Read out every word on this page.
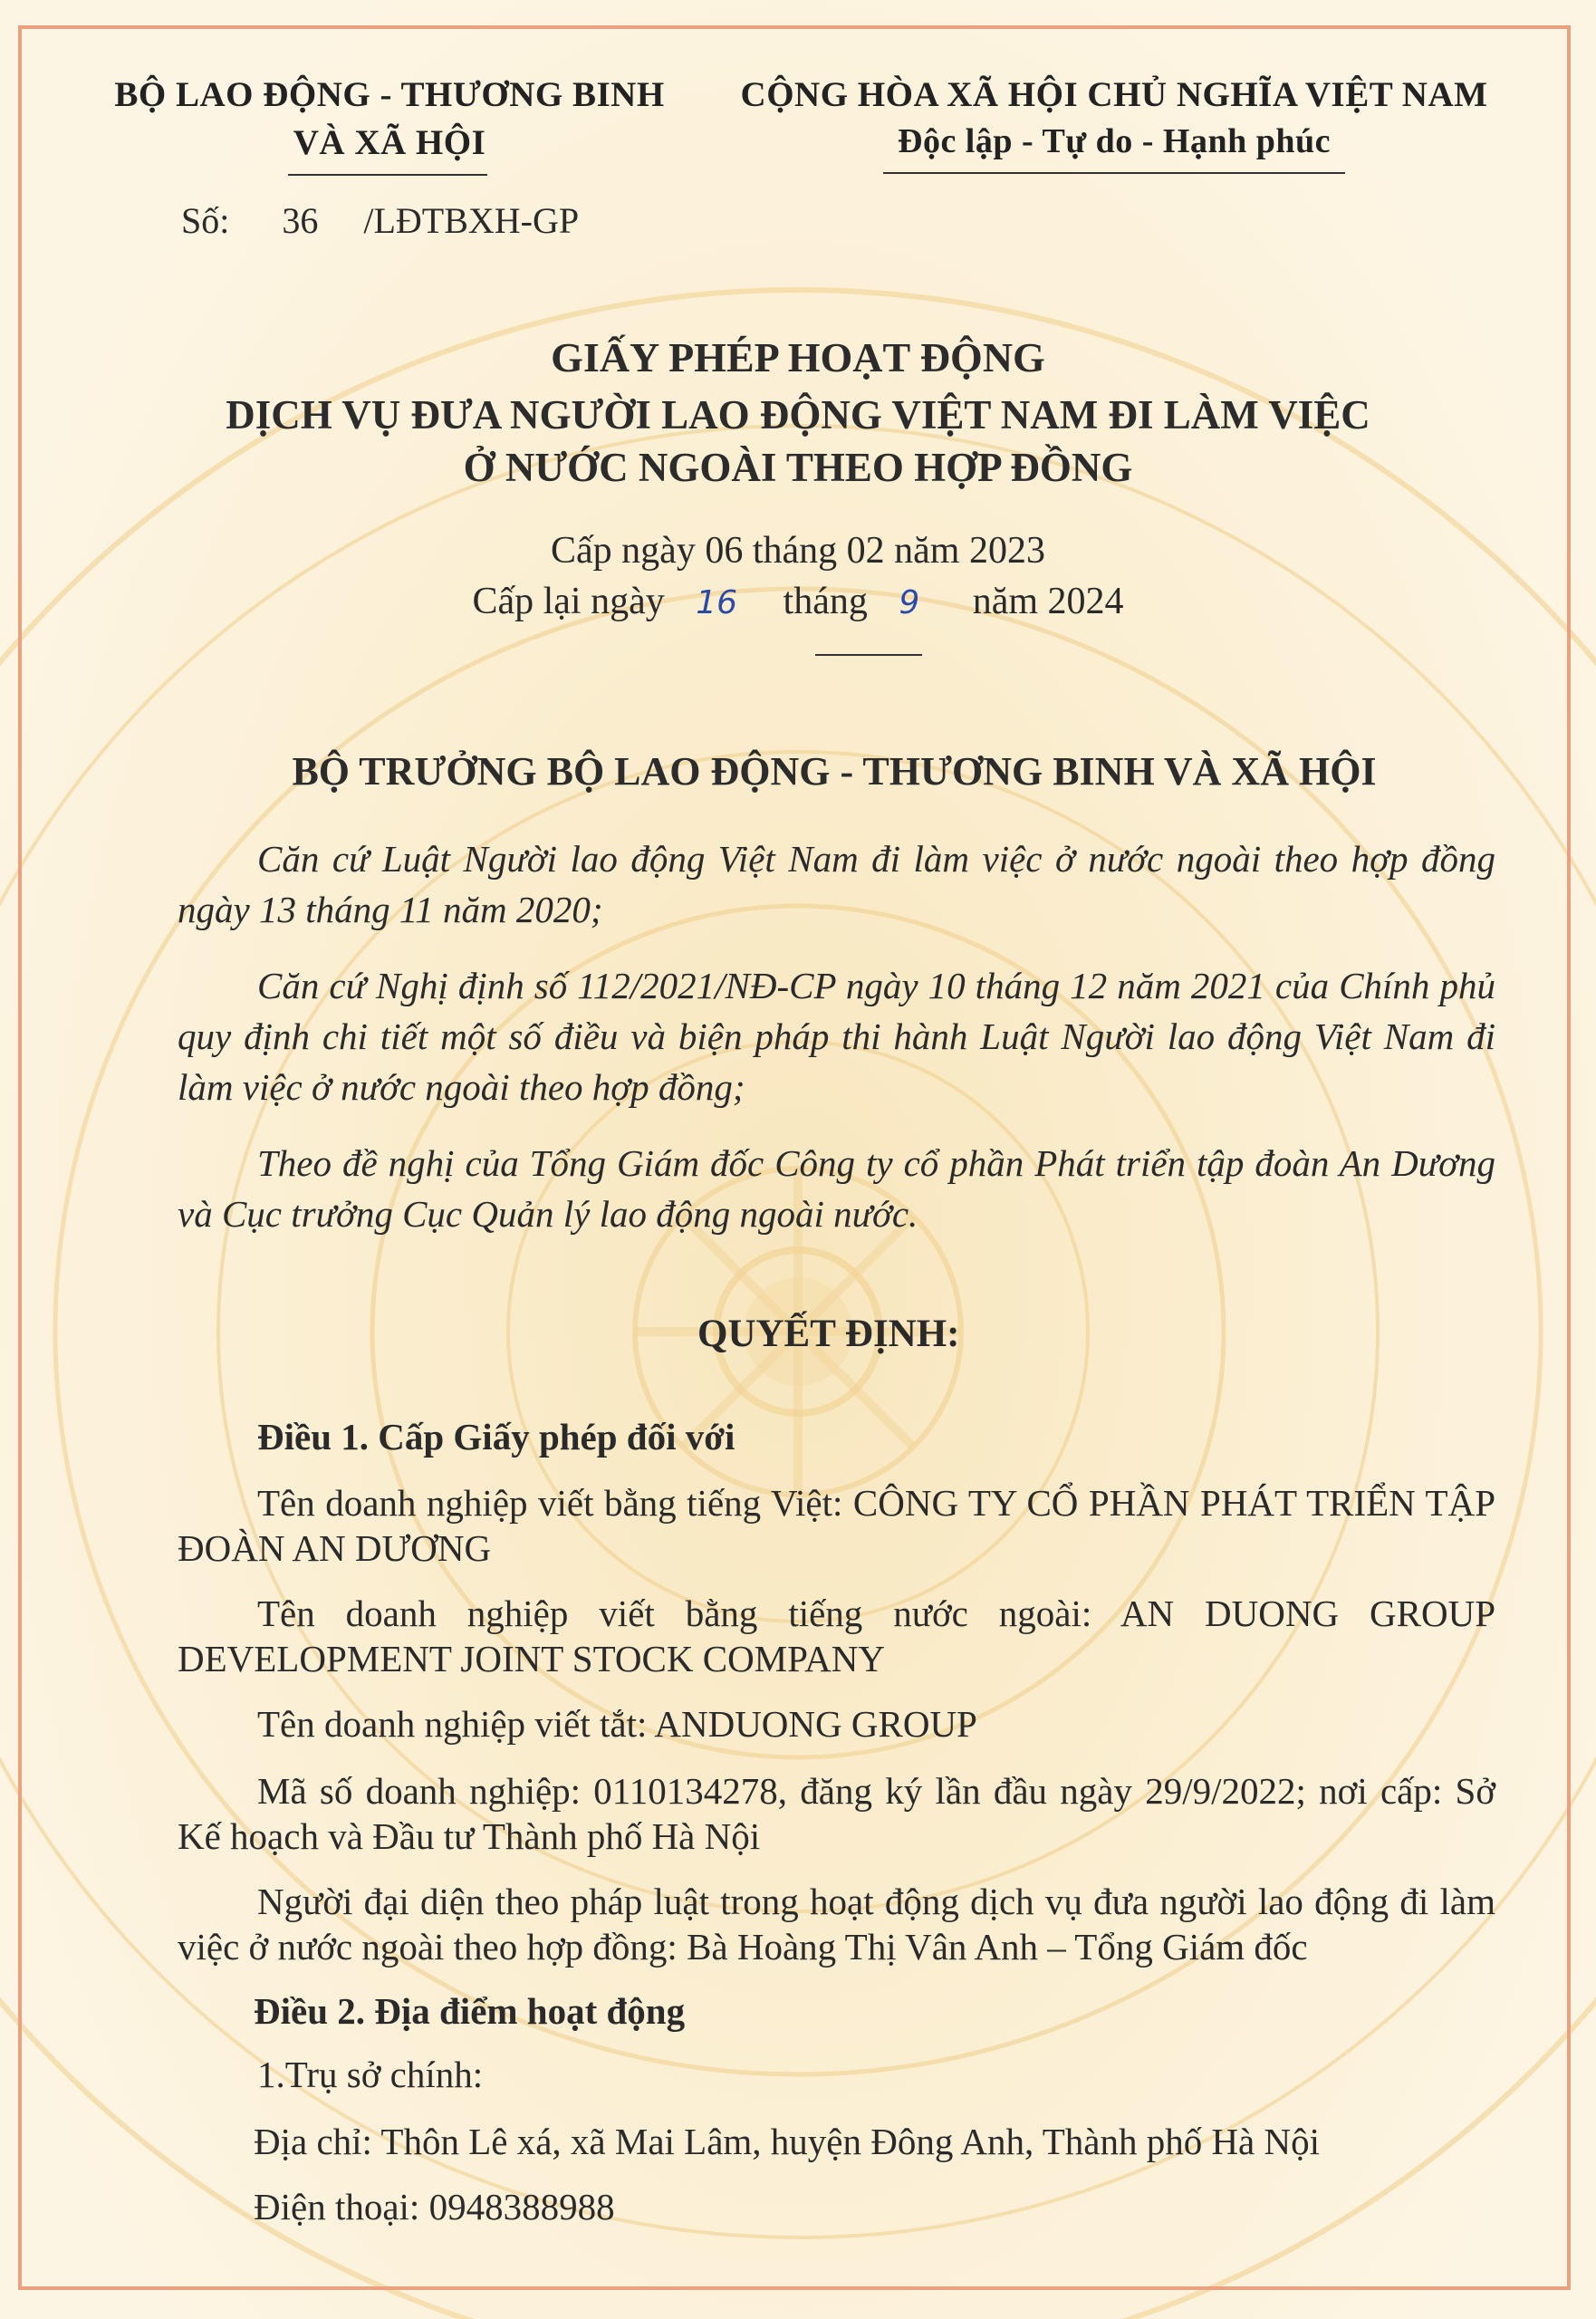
BỘ LAO ĐỘNG - THƯƠNG BINH
VÀ XÃ HỘI
CỘNG HÒA XÃ HỘI CHỦ NGHĨA VIỆT NAM
Độc lập - Tự do - Hạnh phúc
Số: 36 /LĐTBXH-GP
GIẤY PHÉP HOẠT ĐỘNG
DỊCH VỤ ĐƯA NGƯỜI LAO ĐỘNG VIỆT NAM ĐI LÀM VIỆC
Ở NƯỚC NGOÀI THEO HỢP ĐỒNG
Cấp ngày 06 tháng 02 năm 2023
Cấp lại ngày 16 tháng 9 năm 2024
BỘ TRƯỞNG BỘ LAO ĐỘNG - THƯƠNG BINH VÀ XÃ HỘI
Căn cứ Luật Người lao động Việt Nam đi làm việc ở nước ngoài theo hợp đồng ngày 13 tháng 11 năm 2020;
Căn cứ Nghị định số 112/2021/NĐ-CP ngày 10 tháng 12 năm 2021 của Chính phủ quy định chi tiết một số điều và biện pháp thi hành Luật Người lao động Việt Nam đi làm việc ở nước ngoài theo hợp đồng;
Theo đề nghị của Tổng Giám đốc Công ty cổ phần Phát triển tập đoàn An Dương và Cục trưởng Cục Quản lý lao động ngoài nước.
QUYẾT ĐỊNH:
Điều 1. Cấp Giấy phép đối với
Tên doanh nghiệp viết bằng tiếng Việt: CÔNG TY CỔ PHẦN PHÁT TRIỂN TẬP ĐOÀN AN DƯƠNG
Tên doanh nghiệp viết bằng tiếng nước ngoài: AN DUONG GROUP DEVELOPMENT JOINT STOCK COMPANY
Tên doanh nghiệp viết tắt: ANDUONG GROUP
Mã số doanh nghiệp: 0110134278, đăng ký lần đầu ngày 29/9/2022; nơi cấp: Sở Kế hoạch và Đầu tư Thành phố Hà Nội
Người đại diện theo pháp luật trong hoạt động dịch vụ đưa người lao động đi làm việc ở nước ngoài theo hợp đồng: Bà Hoàng Thị Vân Anh – Tổng Giám đốc
Điều 2. Địa điểm hoạt động
1.Trụ sở chính:
Địa chỉ: Thôn Lê xá, xã Mai Lâm, huyện Đông Anh, Thành phố Hà Nội
Điện thoại: 0948388988
